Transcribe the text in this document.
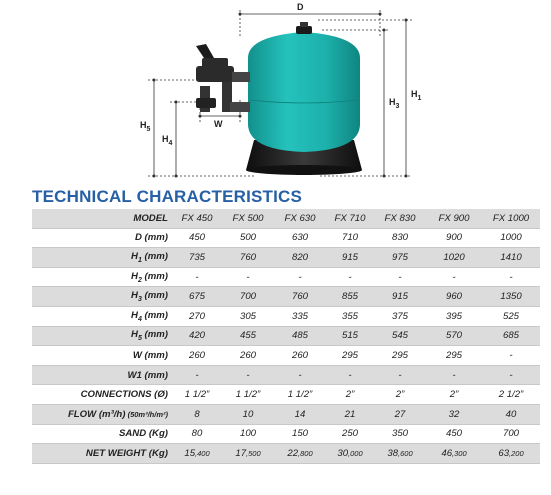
D
$H_1$
$H_3$
$H_5$
$H_4$
W
TECHNICAL CHARACTERISTICS
MODEL	FX 450	FX 500	FX 630	FX 710	FX 830	FX 900	FX 1000
D (mm)	450	500	630	710	830	900	1000
$H_1$ (mm)	735	760	820	915	975	1020	1410
$H_2$ (mm)	-	-	-	-	-	-	-
$H_3$ (mm)	675	700	760	855	915	960	1350
$H_4$ (mm)	270	305	335	355	375	395	525
$H_5$ (mm)	420	455	485	515	545	570	685
W (mm)	260	260	260	295	295	295	-
W1 (mm)	-	-	-	-	-	-	-
CONNECTIONS (Ø)	1 1/2”	1 1/2”	1 1/2”	2”	2”	2”	2 1/2”
FLOW (m³/h) (50m³/h/m²)	8	10	14	21	27	32	40
SAND (Kg)	80	100	150	250	350	450	700
NET WEIGHT (Kg)	15,400	17,500	22,800	30,000	38,600	46,300	63,200
